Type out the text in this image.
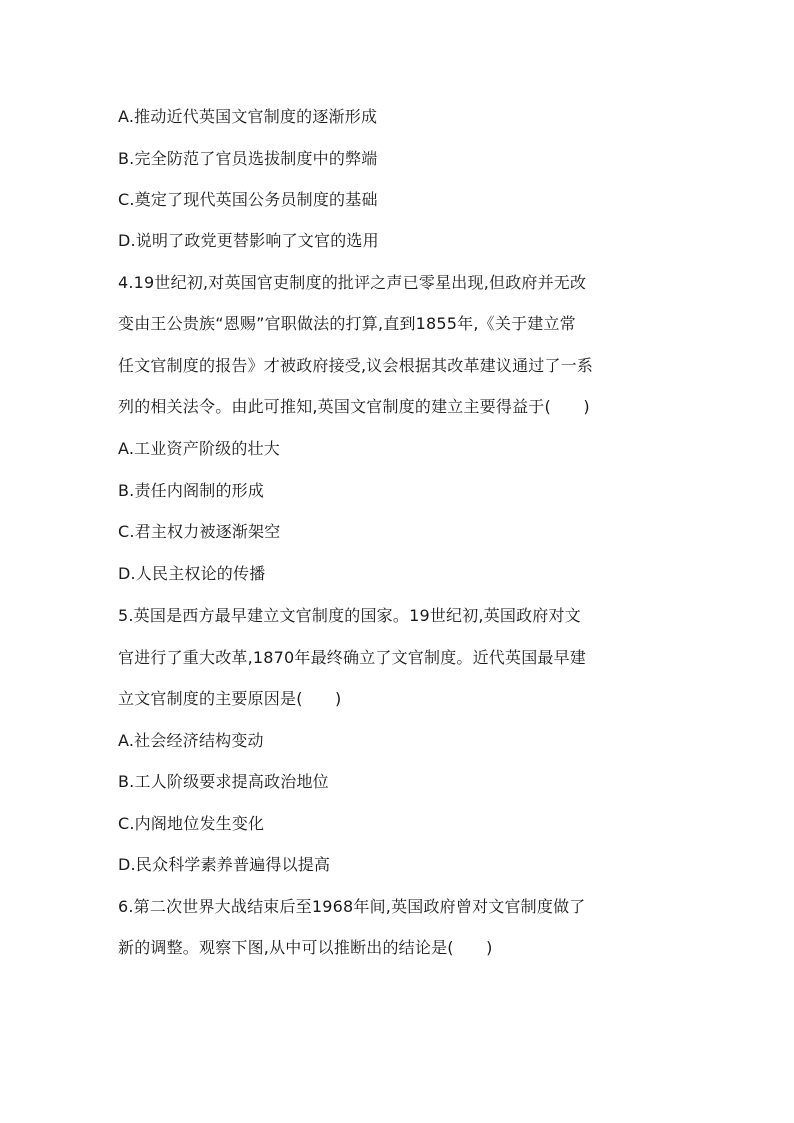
A.推动近代英国文官制度的逐渐形成
B.完全防范了官员选拔制度中的弊端
C.奠定了现代英国公务员制度的基础
D.说明了政党更替影响了文官的选用
4.19世纪初,对英国官吏制度的批评之声已零星出现,但政府并无改
变由王公贵族“恩赐”官职做法的打算,直到1855年,《关于建立常
任文官制度的报告》才被政府接受,议会根据其改革建议通过了一系
列的相关法令。由此可推知,英国文官制度的建立主要得益于(　　)
A.工业资产阶级的壮大
B.责任内阁制的形成
C.君主权力被逐渐架空
D.人民主权论的传播
5.英国是西方最早建立文官制度的国家。19世纪初,英国政府对文
官进行了重大改革,1870年最终确立了文官制度。近代英国最早建
立文官制度的主要原因是(　　)
A.社会经济结构变动
B.工人阶级要求提高政治地位
C.内阁地位发生变化
D.民众科学素养普遍得以提高
6.第二次世界大战结束后至1968年间,英国政府曾对文官制度做了
新的调整。观察下图,从中可以推断出的结论是(　　)
